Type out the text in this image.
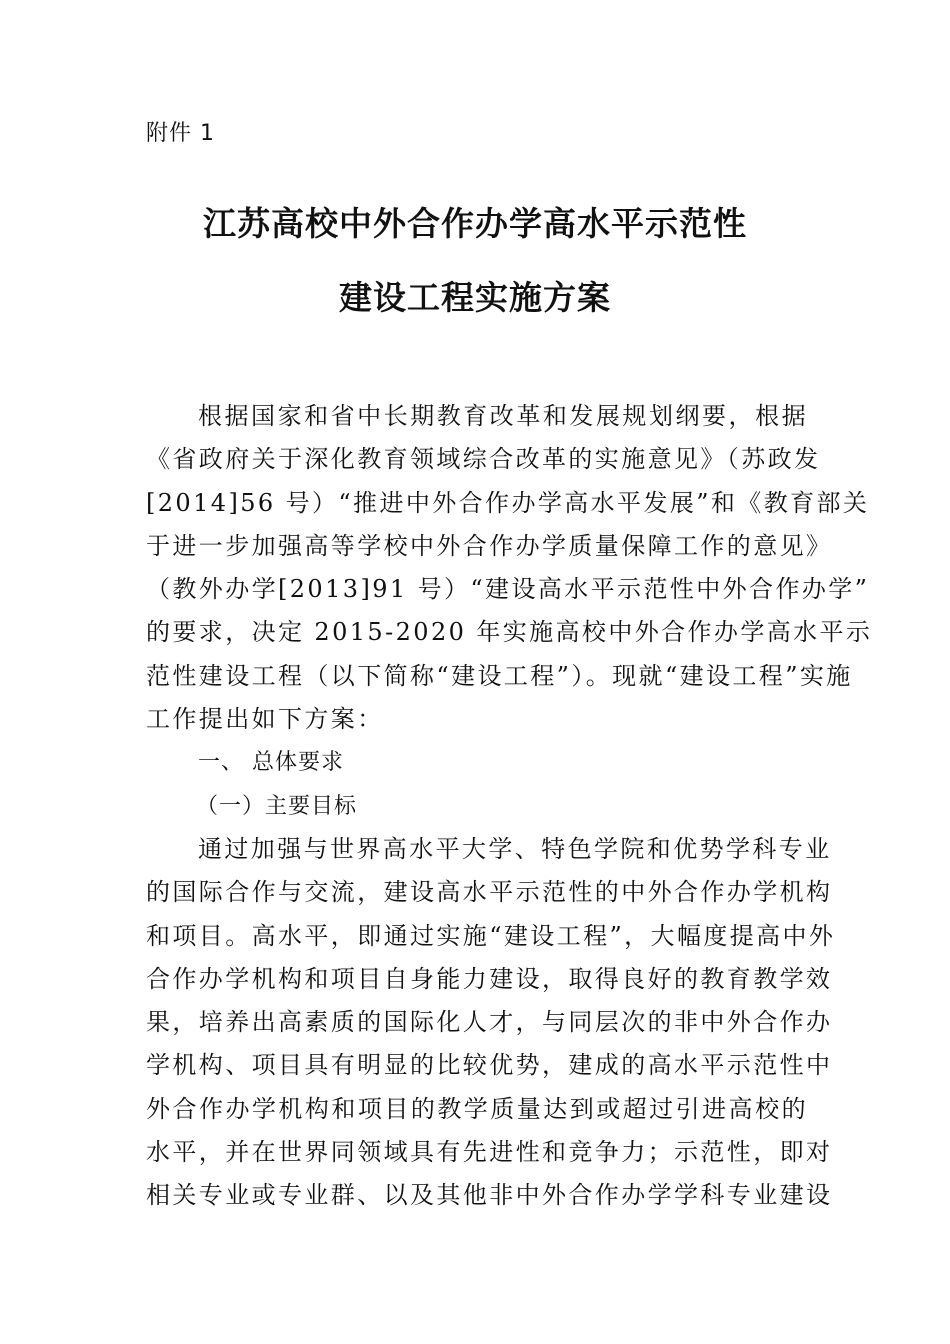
附件 1
江苏高校中外合作办学高水平示范性
建设工程实施方案

根据国家和省中长期教育改革和发展规划纲要，根据
《省政府关于深化教育领域综合改革的实施意见》（苏政发
[2014]56 号）“推进中外合作办学高水平发展”和《教育部关
于进一步加强高等学校中外合作办学质量保障工作的意见》
（教外办学[2013]91 号）“建设高水平示范性中外合作办学”
的要求，决定 2015-2020 年实施高校中外合作办学高水平示
范性建设工程（以下简称“建设工程”）。现就“建设工程”实施
工作提出如下方案：

一、 总体要求

（一）主要目标

通过加强与世界高水平大学、特色学院和优势学科专业
的国际合作与交流，建设高水平示范性的中外合作办学机构
和项目。高水平，即通过实施“建设工程”，大幅度提高中外
合作办学机构和项目自身能力建设，取得良好的教育教学效
果，培养出高素质的国际化人才，与同层次的非中外合作办
学机构、项目具有明显的比较优势，建成的高水平示范性中
外合作办学机构和项目的教学质量达到或超过引进高校的
水平，并在世界同领域具有先进性和竞争力；示范性，即对
相关专业或专业群、以及其他非中外合作办学学科专业建设
